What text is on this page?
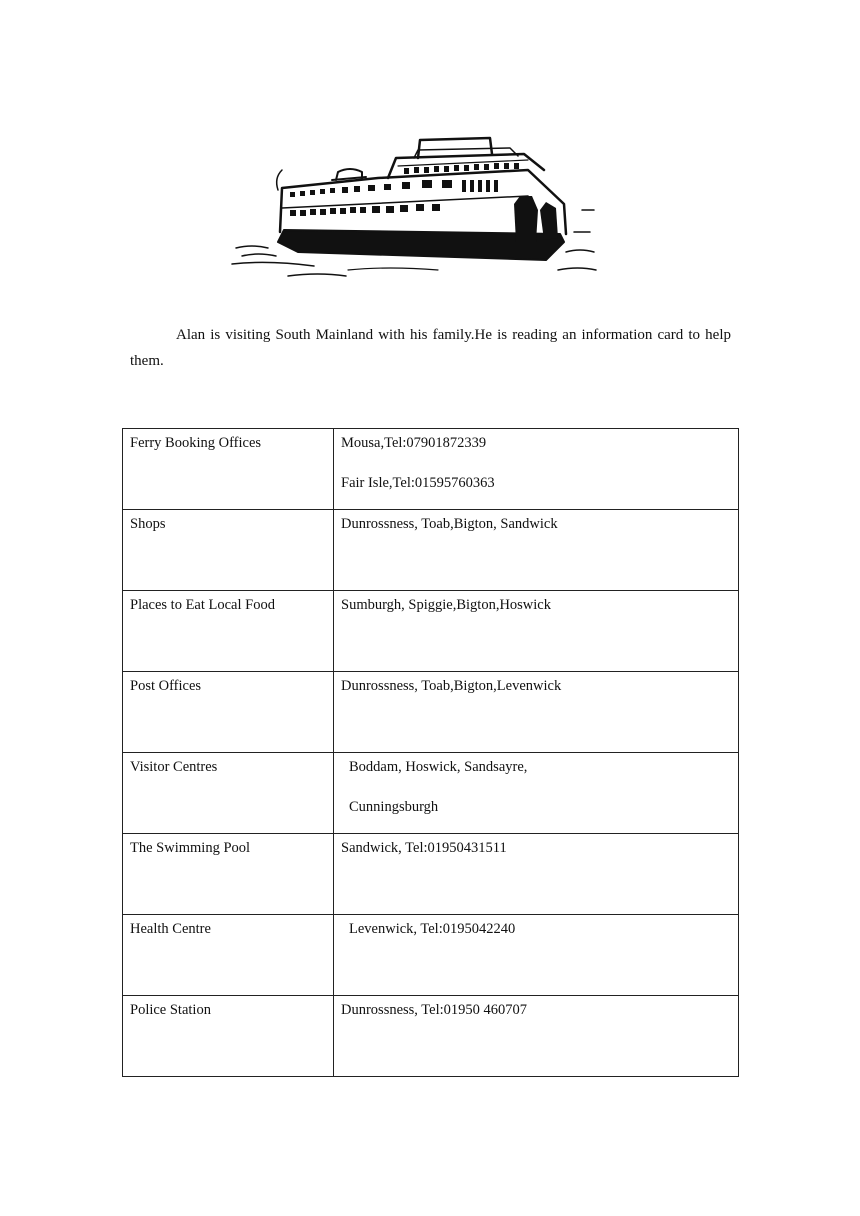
Alan is visiting South Mainland with his family.He is reading an information card to help them.

Ferry Booking Offices	Mousa,Tel:07901872339
Fair Isle,Tel:01595760363

Shops	Dunrossness, Toab,Bigton, Sandwick

Places to Eat Local Food	Sumburgh, Spiggie,Bigton,Hoswick

Post Offices	Dunrossness, Toab,Bigton,Levenwick

Visitor Centres	Boddam, Hoswick, Sandsayre,
Cunningsburgh

The Swimming Pool	Sandwick, Tel:01950431511

Health Centre	Levenwick, Tel:0195042240

Police Station	Dunrossness, Tel:01950 460707
